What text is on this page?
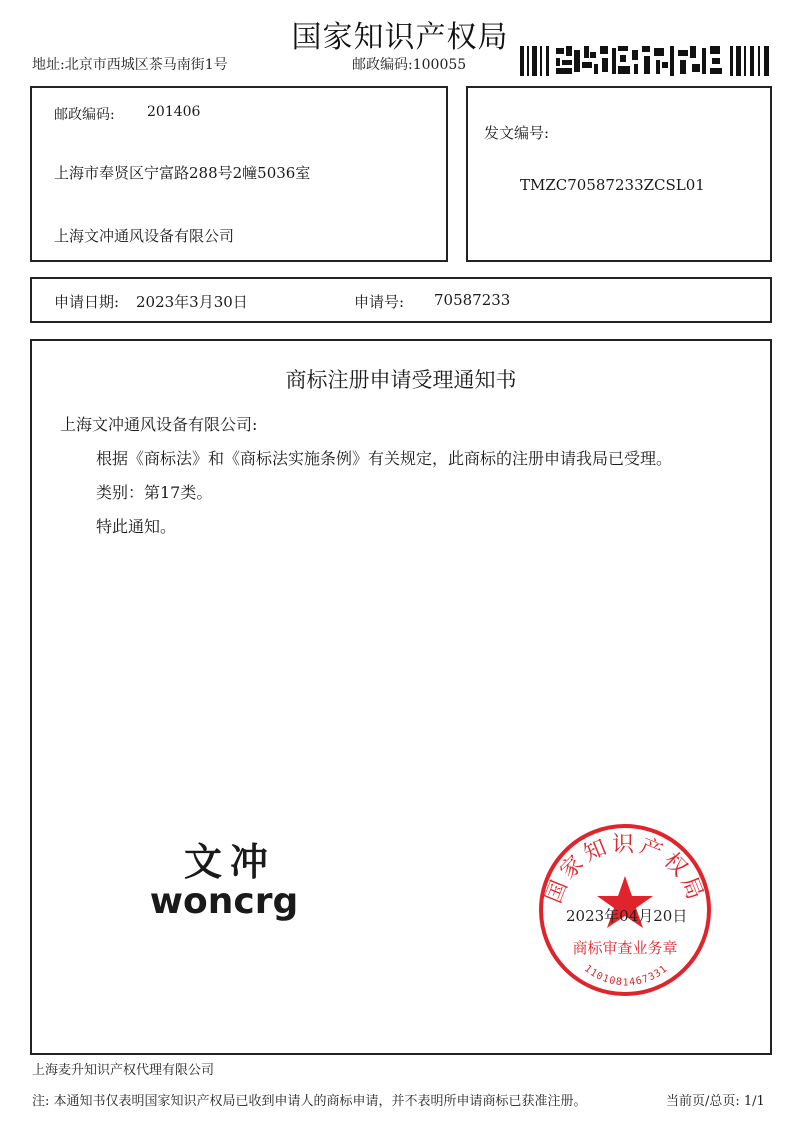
国家知识产权局
地址:北京市西城区茶马南街1号	邮政编码:100055
邮政编码: 201406
上海市奉贤区宁富路288号2幢5036室
上海文冲通风设备有限公司
发文编号:
TMZC70587233ZCSL01
申请日期: 2023年3月30日	申请号: 70587233
商标注册申请受理通知书
上海文冲通风设备有限公司:
根据《商标法》和《商标法实施条例》有关规定，此商标的注册申请我局已受理。
类别：第17类。
特此通知。
文冲
woncrg	国家知识产权局
商标审查业务章
1101081467331
2023年04月20日
上海麦升知识产权代理有限公司
注: 本通知书仅表明国家知识产权局已收到申请人的商标申请，并不表明所申请商标已获准注册。	当前页/总页: 1/1
